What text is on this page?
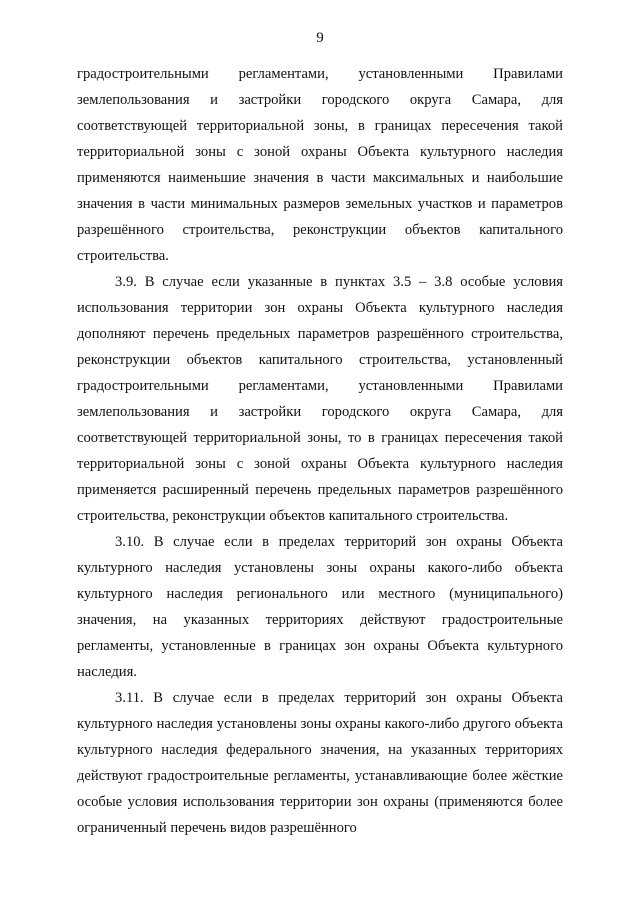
9

градостроительными регламентами, установленными Правилами землепользования и застройки городского округа Самара, для соответствующей территориальной зоны, в границах пересечения такой территориальной зоны с зоной охраны Объекта культурного наследия применяются наименьшие значения в части максимальных и наибольшие значения в части минимальных размеров земельных участков и параметров разрешённого строительства, реконструкции объектов капитального строительства.

3.9. В случае если указанные в пунктах 3.5 – 3.8 особые условия использования территории зон охраны Объекта культурного наследия дополняют перечень предельных параметров разрешённого строительства, реконструкции объектов капитального строительства, установленный градостроительными регламентами, установленными Правилами землепользования и застройки городского округа Самара, для соответствующей территориальной зоны, то в границах пересечения такой территориальной зоны с зоной охраны Объекта культурного наследия применяется расширенный перечень предельных параметров разрешённого строительства, реконструкции объектов капитального строительства.

3.10. В случае если в пределах территорий зон охраны Объекта культурного наследия установлены зоны охраны какого-либо объекта культурного наследия регионального или местного (муниципального) значения, на указанных территориях действуют градостроительные регламенты, установленные в границах зон охраны Объекта культурного наследия.

3.11. В случае если в пределах территорий зон охраны Объекта культурного наследия установлены зоны охраны какого-либо другого объекта культурного наследия федерального значения, на указанных территориях действуют градостроительные регламенты, устанавливающие более жёсткие особые условия использования территории зон охраны (применяются более ограниченный перечень видов разрешённого
